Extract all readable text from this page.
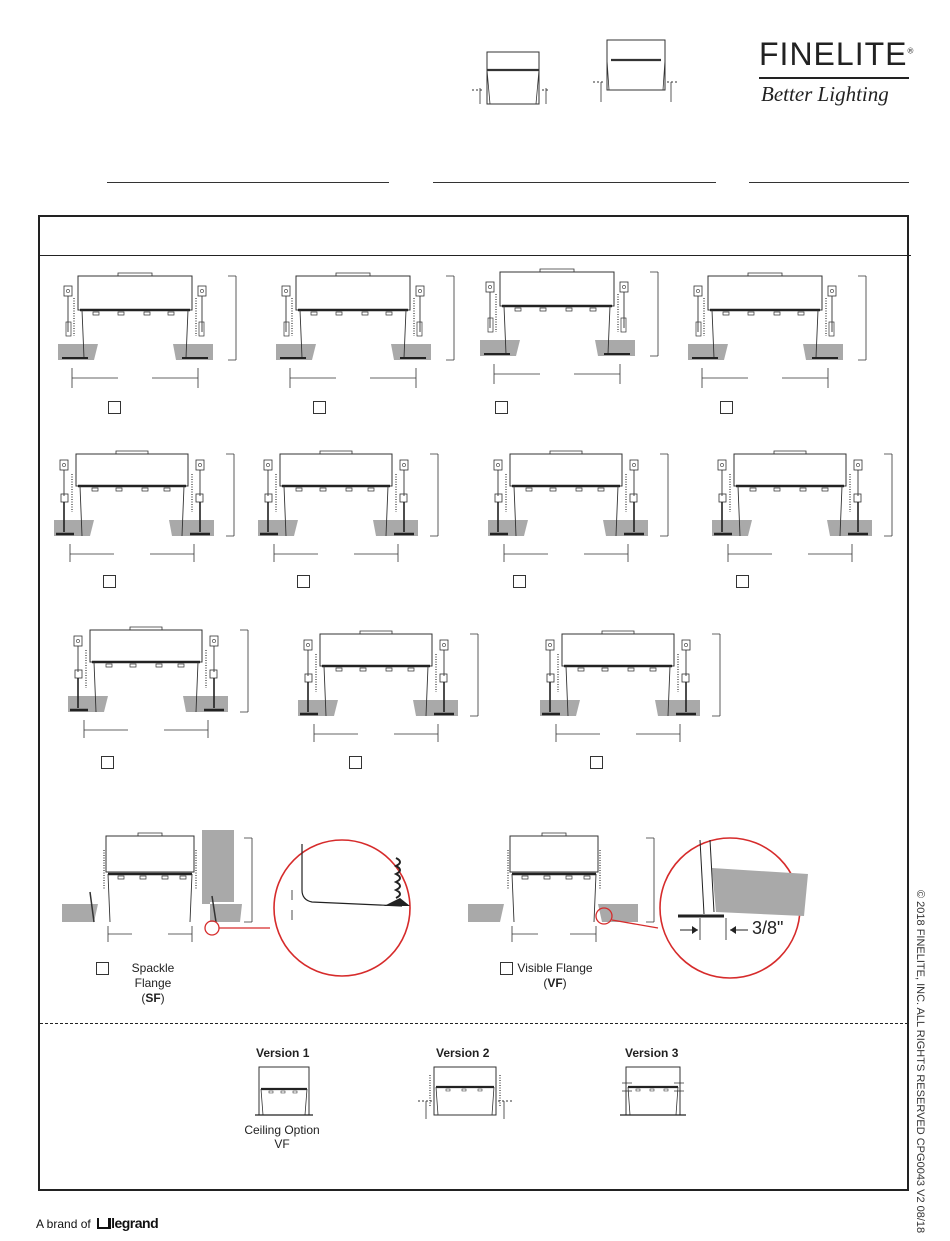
FINELITE®
Better Lighting
Spackle Flange
(SF)
3/8"
Visible Flange
(VF)
Version 1	Version 2	Version 3
Ceiling Option
VF	© 2018 FINELITE, INC. ALL RIGHTS RESERVED CPG0043 V2 08/18
A brand of legrand
